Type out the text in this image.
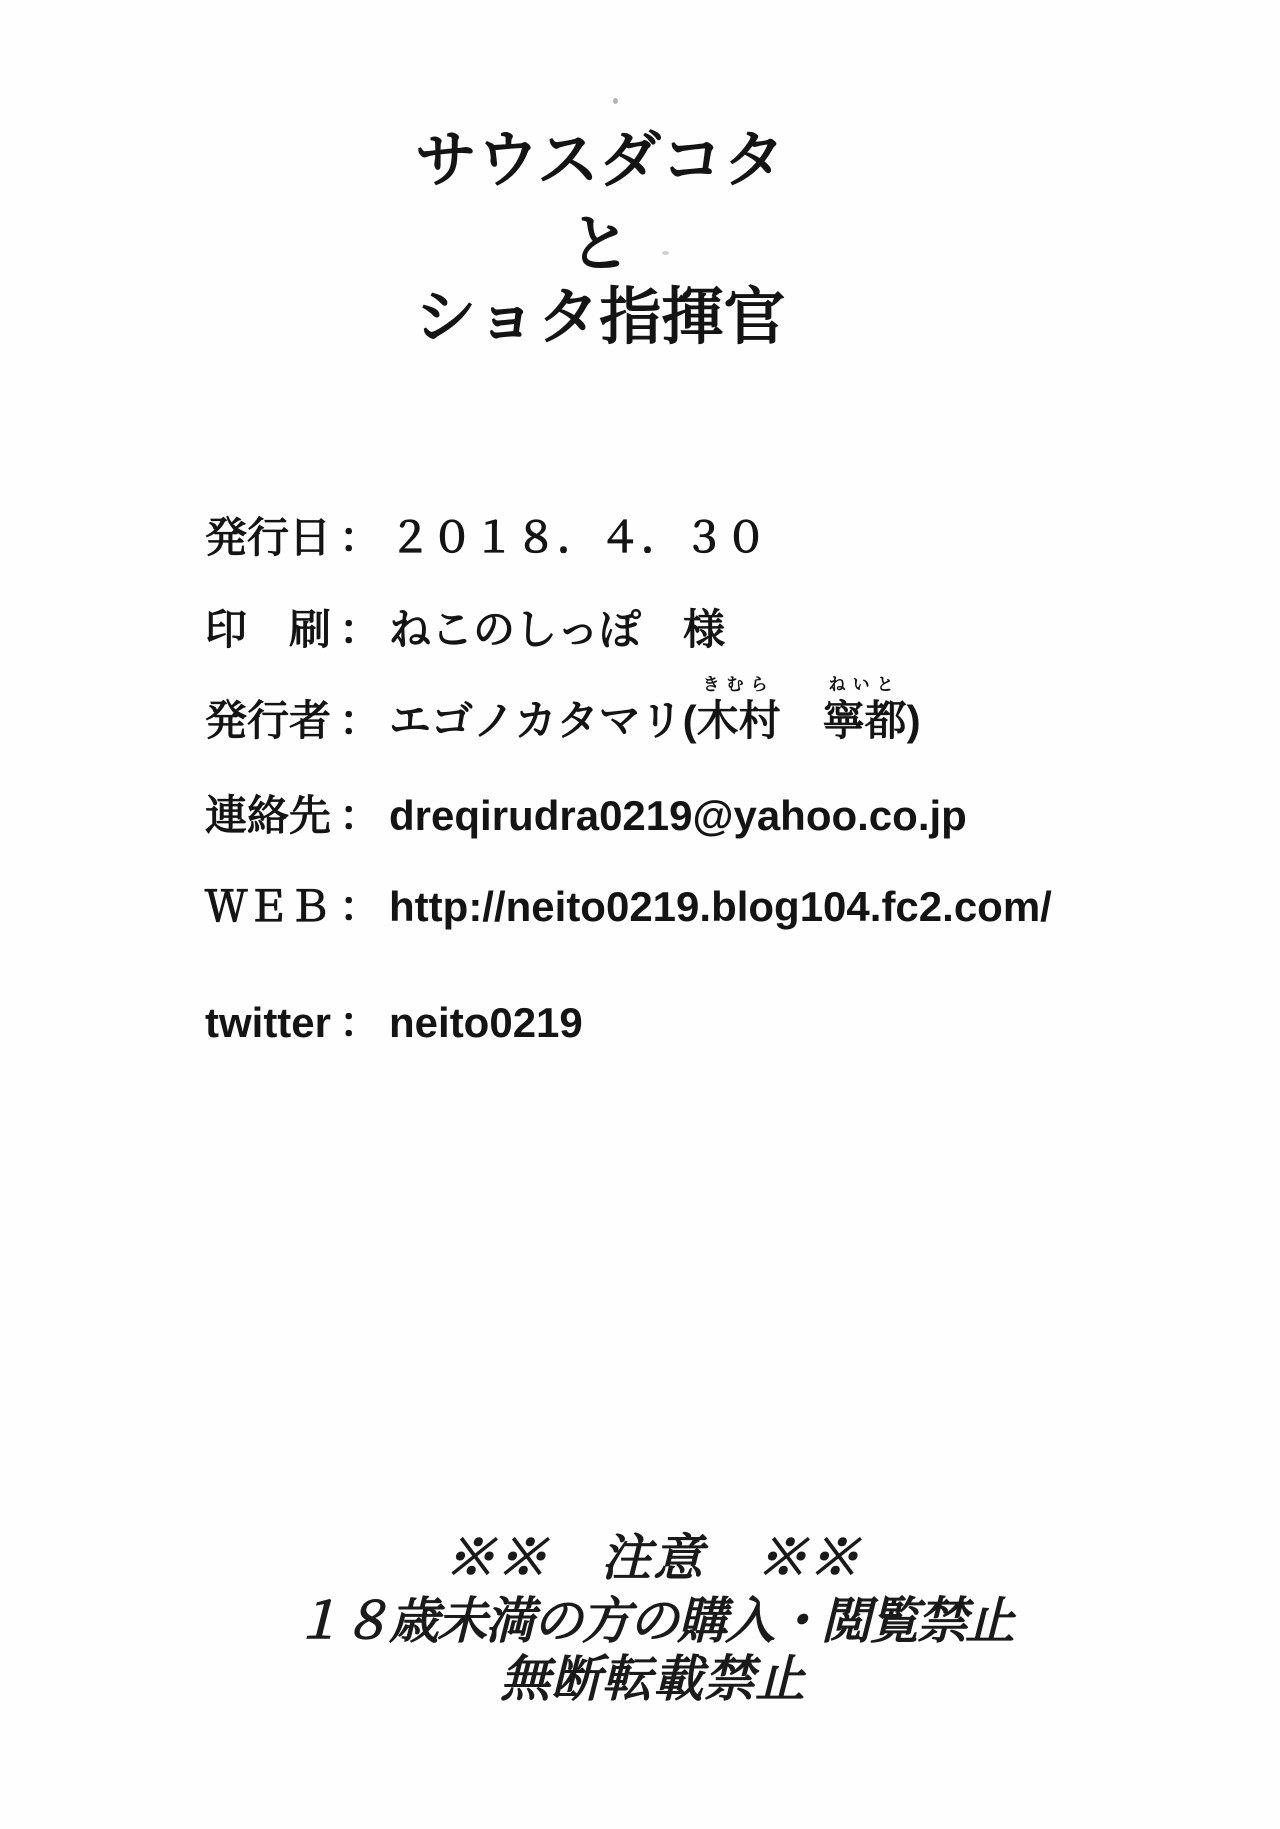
サウスダコタ
と
ショタ指揮官
発行日 ： ２０１８．４．３０
印　刷 ： ねこのしっぽ　様
発行者 ： エゴノカタマリ(
きむら
木村

ねいと
寧都 )
連絡先 ： dreqirudra0219@yahoo.co.jp
ＷＥＢ ： http://neito0219.blog104.fc2.com/
twitter ： neito0219
※※　注意　※※
１８歳未満の方の購入・閲覧禁止
無断転載禁止
